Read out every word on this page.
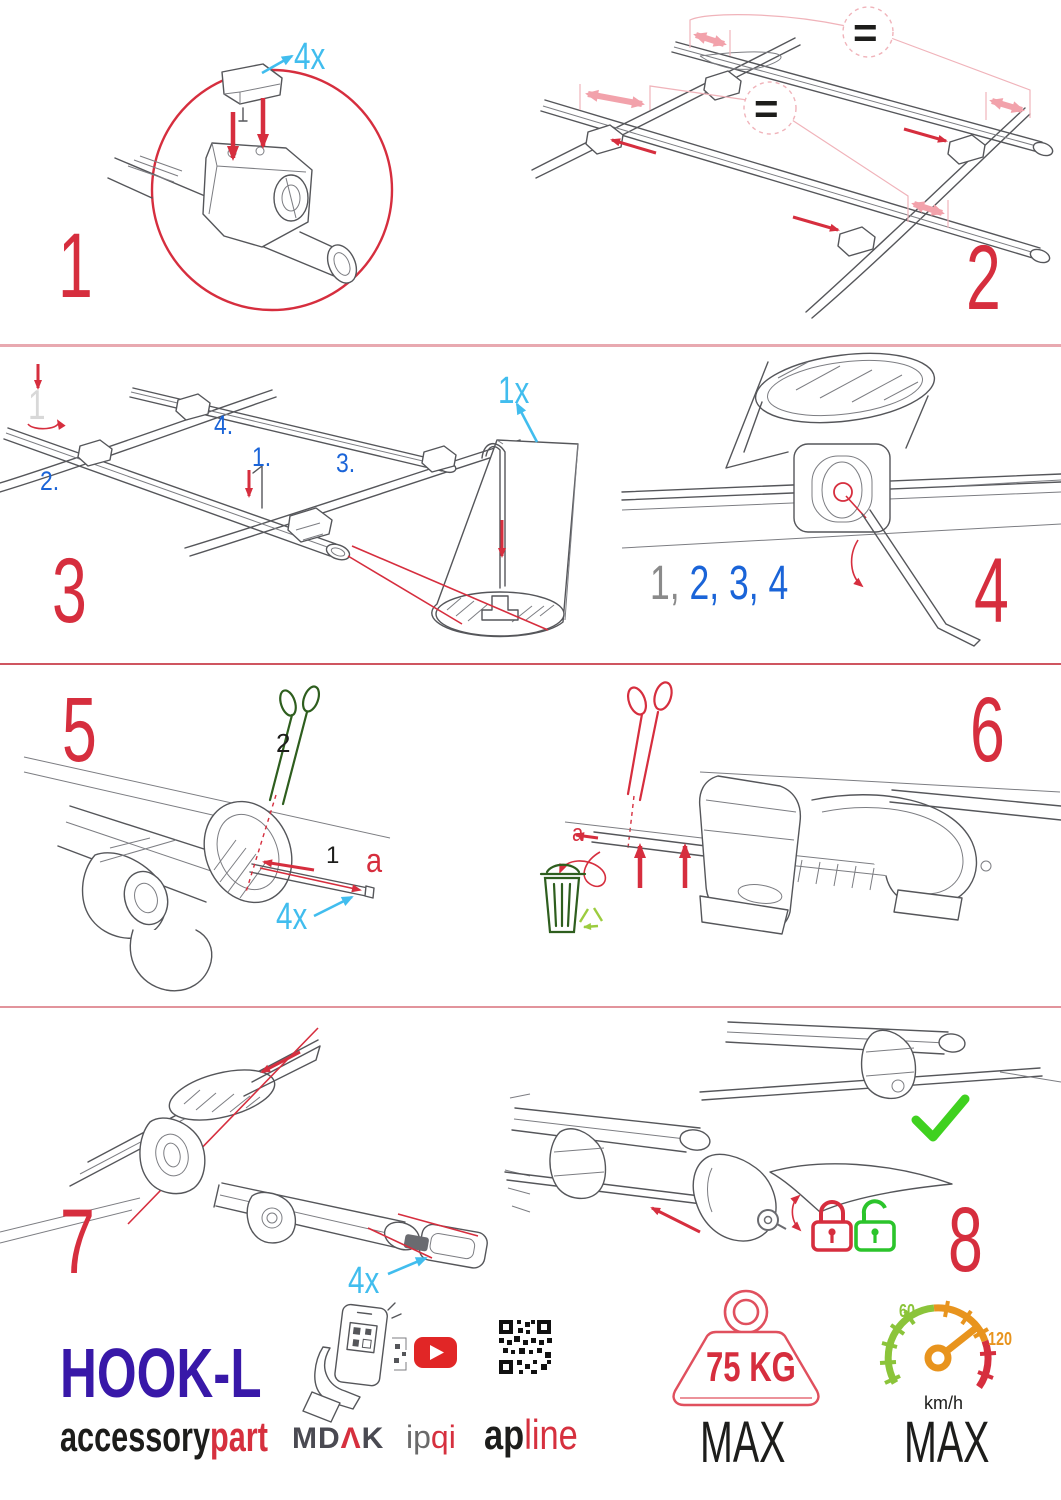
1	2
3	4
5	6
7	8
4x
1x
4x
4x
=
=
1
1.
2.
3.
4.
1, 2, 3, 4
2
1 a
a
HOOK-L
accessorypart MDΛK ipqi apline
75 KG
MAX
60
120
km/h
MAX
